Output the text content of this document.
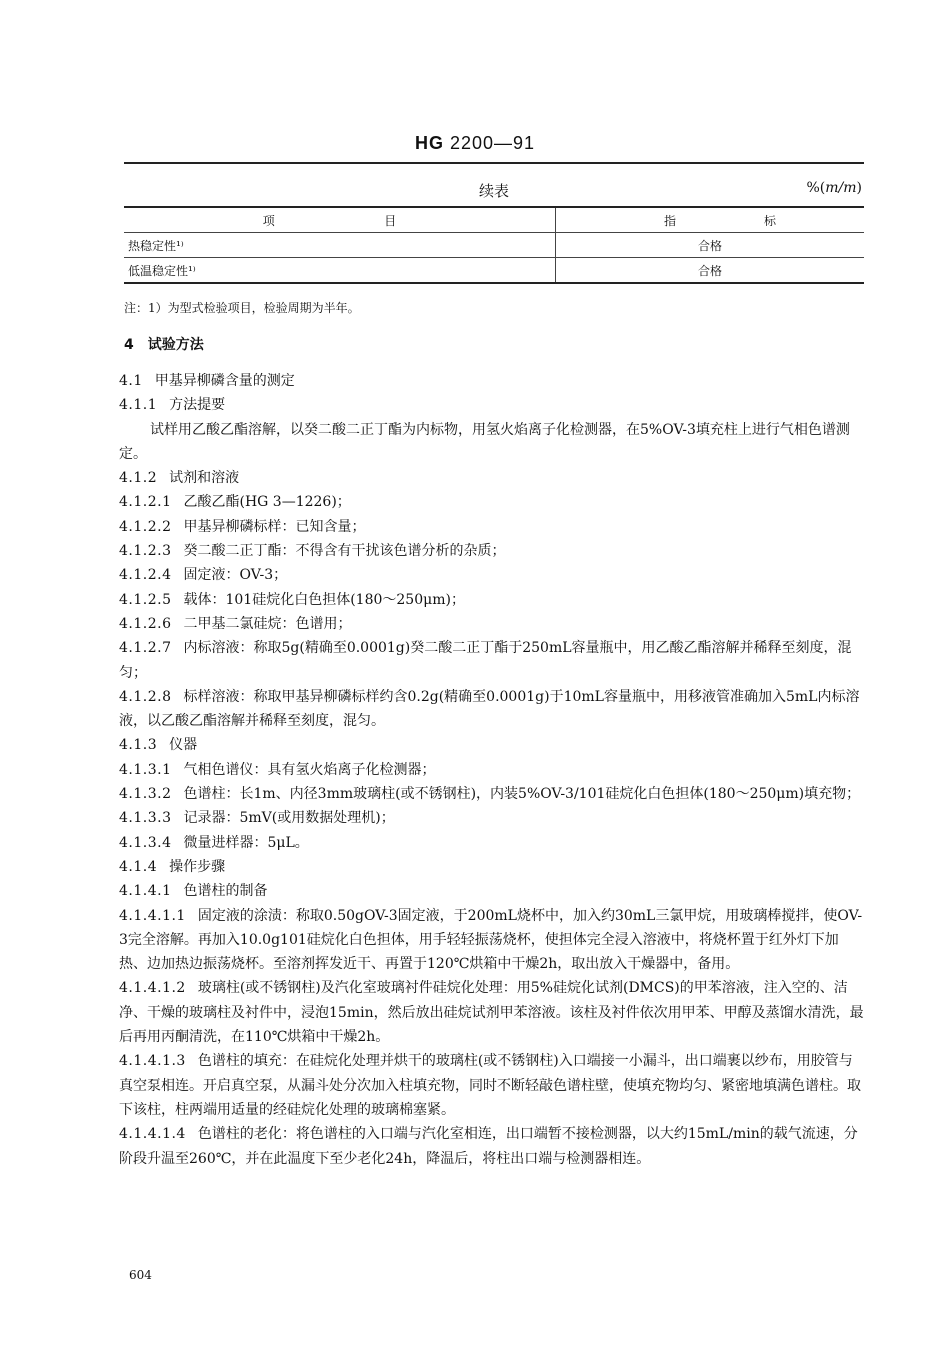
HG 2200—91
续表	%(m/m)
项 目	指 标

热稳定性¹⁾	合格
低温稳定性¹⁾	合格
注：1）为型式检验项目，检验周期为半年。
4　试验方法

4.1 甲基异柳磷含量的测定

4.1.1 方法提要

试样用乙酸乙酯溶解，以癸二酸二正丁酯为内标物，用氢火焰离子化检测器，在5%OV-3填充柱上进行气相色谱测定。

4.1.2 试剂和溶液

4.1.2.1 乙酸乙酯(HG 3—1226)；

4.1.2.2 甲基异柳磷标样：已知含量；

4.1.2.3 癸二酸二正丁酯：不得含有干扰该色谱分析的杂质；

4.1.2.4 固定液：OV-3；

4.1.2.5 载体：101硅烷化白色担体(180～250μm)；

4.1.2.6 二甲基二氯硅烷：色谱用；

4.1.2.7 内标溶液：称取5g(精确至0.0001g)癸二酸二正丁酯于250mL容量瓶中，用乙酸乙酯溶解并稀释至刻度，混匀；

4.1.2.8 标样溶液：称取甲基异柳磷标样约含0.2g(精确至0.0001g)于10mL容量瓶中，用移液管准确加入5mL内标溶液，以乙酸乙酯溶解并稀释至刻度，混匀。

4.1.3 仪器

4.1.3.1 气相色谱仪：具有氢火焰离子化检测器；

4.1.3.2 色谱柱：长1m、内径3mm玻璃柱(或不锈钢柱)，内装5%OV-3/101硅烷化白色担体(180～250μm)填充物；

4.1.3.3 记录器：5mV(或用数据处理机)；

4.1.3.4 微量进样器：5μL。

4.1.4 操作步骤

4.1.4.1 色谱柱的制备

4.1.4.1.1 固定液的涂渍：称取0.50gOV-3固定液，于200mL烧杯中，加入约30mL三氯甲烷，用玻璃棒搅拌，使OV-3完全溶解。再加入10.0g101硅烷化白色担体，用手轻轻振荡烧杯，使担体完全浸入溶液中，将烧杯置于红外灯下加热、边加热边振荡烧杯。至溶剂挥发近干、再置于120℃烘箱中干燥2h，取出放入干燥器中，备用。

4.1.4.1.2 玻璃柱(或不锈钢柱)及汽化室玻璃衬件硅烷化处理：用5%硅烷化试剂(DMCS)的甲苯溶液，注入空的、洁净、干燥的玻璃柱及衬件中，浸泡15min，然后放出硅烷试剂甲苯溶液。该柱及衬件依次用甲苯、甲醇及蒸馏水清洗，最后再用丙酮清洗，在110℃烘箱中干燥2h。

4.1.4.1.3 色谱柱的填充：在硅烷化处理并烘干的玻璃柱(或不锈钢柱)入口端接一小漏斗，出口端裹以纱布，用胶管与真空泵相连。开启真空泵，从漏斗处分次加入柱填充物，同时不断轻敲色谱柱壁，使填充物均匀、紧密地填满色谱柱。取下该柱，柱两端用适量的经硅烷化处理的玻璃棉塞紧。

4.1.4.1.4 色谱柱的老化：将色谱柱的入口端与汽化室相连，出口端暂不接检测器，以大约15mL/min的载气流速，分阶段升温至260℃，并在此温度下至少老化24h，降温后，将柱出口端与检测器相连。

604
